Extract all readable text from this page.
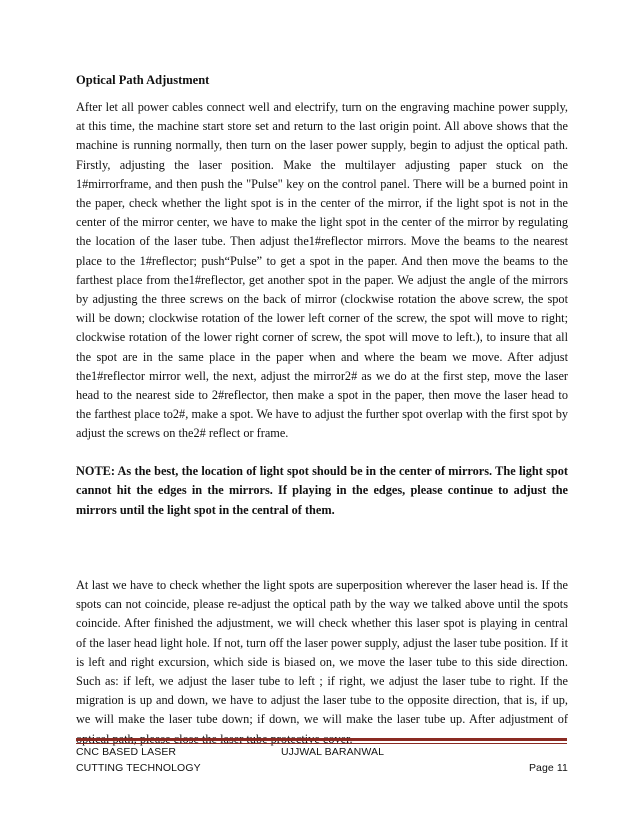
Optical Path Adjustment

After let all power cables connect well and electrify, turn on the engraving machine power supply, at this time, the machine start store set and return to the last origin point. All above shows that the machine is running normally, then turn on the laser power supply, begin to adjust the optical path. Firstly, adjusting the laser position. Make the multilayer adjusting paper stuck on the 1#mirrorframe, and then push the "Pulse" key on the control panel. There will be a burned point in the paper, check whether the light spot is in the center of the mirror, if the light spot is not in the center of the mirror center, we have to make the light spot in the center of the mirror by regulating the location of the laser tube. Then adjust the1#reflector mirrors. Move the beams to the nearest place to the 1#reflector; push“Pulse” to get a spot in the paper. And then move the beams to the farthest place from the1#reflector, get another spot in the paper. We adjust the angle of the mirrors by adjusting the three screws on the back of mirror (clockwise rotation the above screw, the spot will be down; clockwise rotation of the lower left corner of the screw, the spot will move to right; clockwise rotation of the lower right corner of screw, the spot will move to left.), to insure that all the spot are in the same place in the paper when and where the beam we move. After adjust the1#reflector mirror well, the next, adjust the mirror2# as we do at the first step, move the laser head to the nearest side to 2#reflector, then make a spot in the paper, then move the laser head to the farthest place to2#, make a spot. We have to adjust the further spot overlap with the first spot by adjust the screws on the2# reflect or frame.

NOTE: As the best, the location of light spot should be in the center of mirrors. The light spot cannot hit the edges in the mirrors. If playing in the edges, please continue to adjust the mirrors until the light spot in the central of them.

At last we have to check whether the light spots are superposition wherever the laser head is. If the spots can not coincide, please re-adjust the optical path by the way we talked above until the spots coincide. After finished the adjustment, we will check whether this laser spot is playing in central of the laser head light hole. If not, turn off the laser power supply, adjust the laser tube position. If it is left and right excursion, which side is biased on, we move the laser tube to this side direction. Such as: if left, we adjust the laser tube to left ; if right, we adjust the laser tube to right. If the migration is up and down, we have to adjust the laser tube to the opposite direction, that is, if up, we will make the laser tube down; if down, we will make the laser tube up. After adjustment of

CNC BASED LASER
CUTTING TECHNOLOGY
UJJWAL BARANWAL
Page 11
